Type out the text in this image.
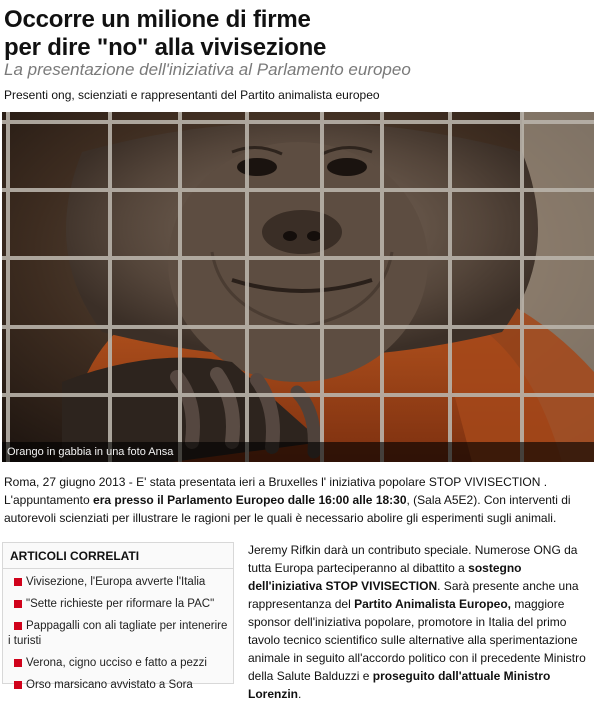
Occorre un milione di firme
per dire "no" alla vivisezione
La presentazione dell'iniziativa al Parlamento europeo
Presenti ong, scienziati e rappresentanti del Partito animalista europeo
Orango in gabbia in una foto Ansa
Roma, 27 giugno 2013 - E' stata presentata ieri a Bruxelles l' iniziativa popolare STOP VIVISECTION .
L'appuntamento era presso il Parlamento Europeo dalle 16:00 alle 18:30, (Sala A5E2). Con interventi di
autorevoli scienziati per illustrare le ragioni per le quali è necessario abolire gli esperimenti sugli animali.
ARTICOLI CORRELATI
Vivisezione, l'Europa avverte l'Italia
"Sette richieste per riformare la PAC"
Pappagalli con ali tagliate per intenerire i turisti
Verona, cigno ucciso e fatto a pezzi
Orso marsicano avvistato a Sora
Jeremy Rifkin darà un contributo speciale. Numerose ONG da tutta Europa parteciperanno al dibattito a sostegno dell'iniziativa STOP VIVISECTION. Sarà presente anche una rappresentanza del Partito Animalista Europeo, maggiore sponsor dell'iniziativa popolare, promotore in Italia del primo tavolo tecnico scientifico sulle alternative alla sperimentazione animale in seguito all'accordo politico con il precedente Ministro della Salute Balduzzi e proseguito dall'attuale Ministro Lorenzin.
